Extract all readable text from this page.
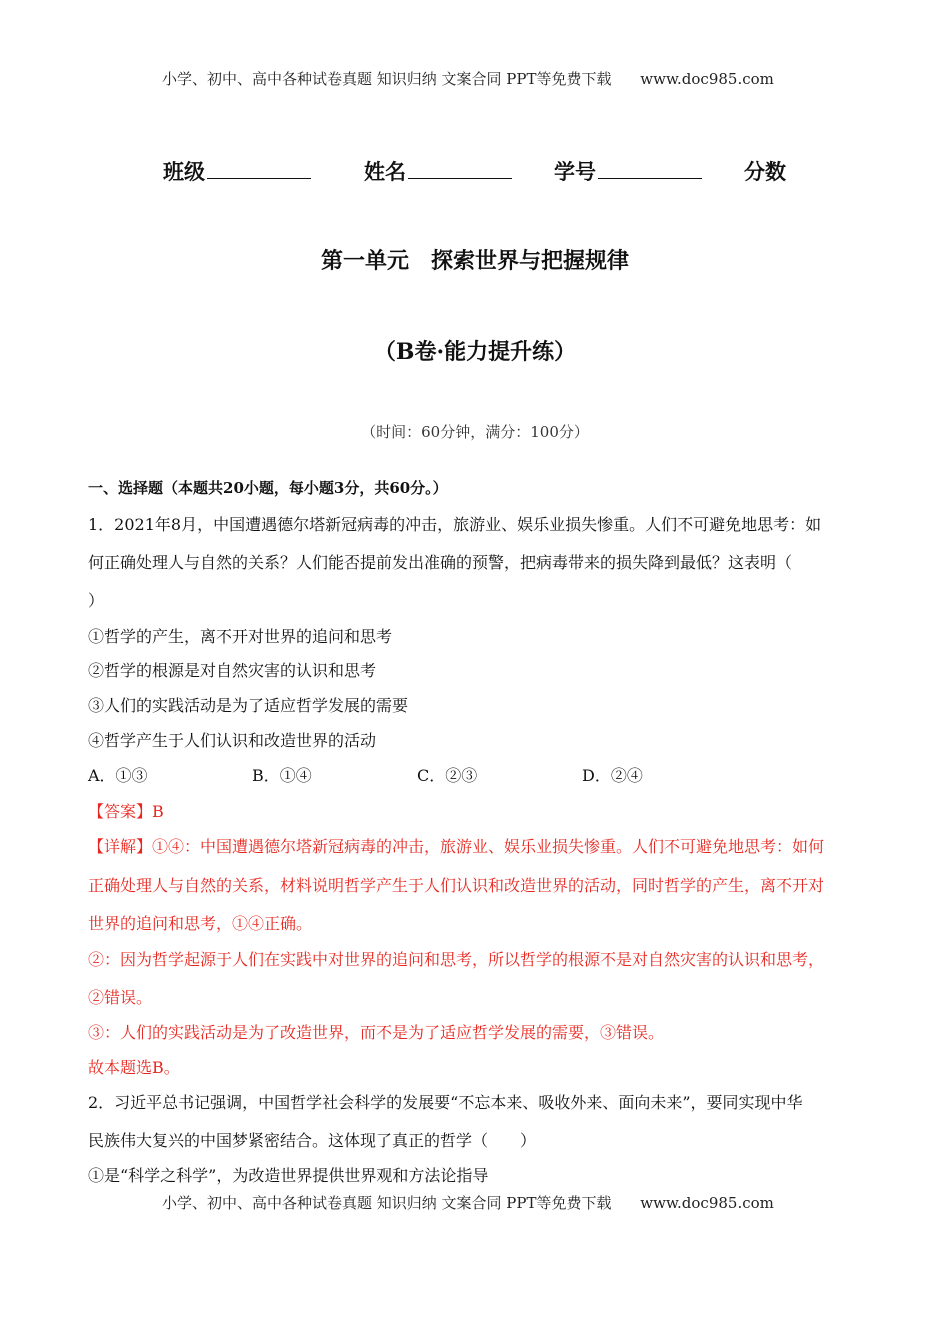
小学、初中、高中各种试卷真题 知识归纳 文案合同 PPT等免费下载 www.doc985.com
班级	姓名	学号	分数
第一单元　探索世界与把握规律
（B卷·能力提升练）
（时间：60分钟，满分：100分）
一、选择题（本题共20小题，每小题3分，共60分。）
1．2021年8月，中国遭遇德尔塔新冠病毒的冲击，旅游业、娱乐业损失惨重。人们不可避免地思考：如
何正确处理人与自然的关系？人们能否提前发出准确的预警，把病毒带来的损失降到最低？这表明（
）
①哲学的产生，离不开对世界的追问和思考
②哲学的根源是对自然灾害的认识和思考
③人们的实践活动是为了适应哲学发展的需要
④哲学产生于人们认识和改造世界的活动
A．①③	B．①④	C．②③	D．②④
【答案】B
【详解】①④：中国遭遇德尔塔新冠病毒的冲击，旅游业、娱乐业损失惨重。人们不可避免地思考：如何
正确处理人与自然的关系，材料说明哲学产生于人们认识和改造世界的活动，同时哲学的产生，离不开对
世界的追问和思考，①④正确。
②：因为哲学起源于人们在实践中对世界的追问和思考，所以哲学的根源不是对自然灾害的认识和思考，
②错误。
③：人们的实践活动是为了改造世界，而不是为了适应哲学发展的需要，③错误。
故本题选B。
2．习近平总书记强调，中国哲学社会科学的发展要“不忘本来、吸收外来、面向未来”，要同实现中华
民族伟大复兴的中国梦紧密结合。这体现了真正的哲学（　　）
①是“科学之科学”，为改造世界提供世界观和方法论指导
小学、初中、高中各种试卷真题 知识归纳 文案合同 PPT等免费下载 www.doc985.com
